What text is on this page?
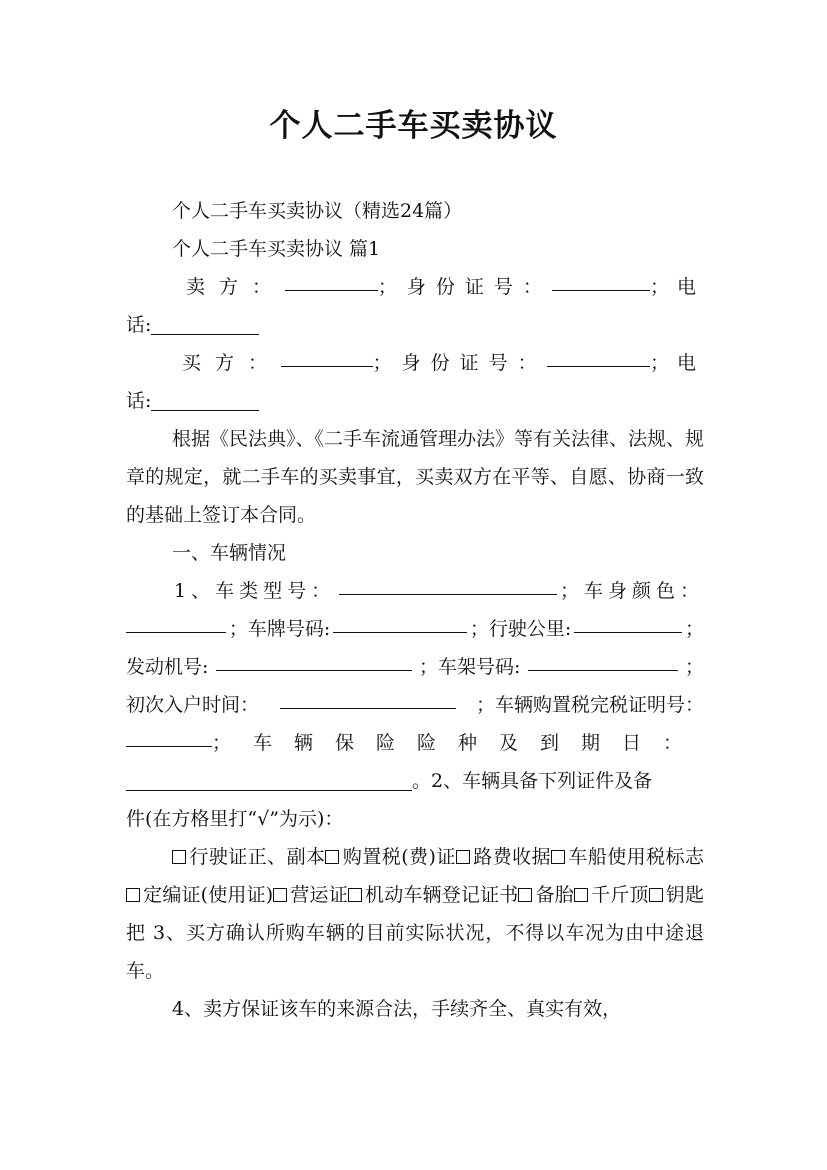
个人二手车买卖协议

个人二手车买卖协议（精选24篇）

个人二手车买卖协议 篇1

卖方：	；身份证号：	；电
话:
买方：	；身份证号：	；电
话:

根据《民法典》、《二手车流通管理办法》等有关法律、法规、规章的规定，就二手车的买卖事宜，买卖双方在平等、自愿、协商一致的基础上签订本合同。

一、车辆情况

1、车类型号：	；车身颜色：
；车牌号码:	；行驶公里:	；
发动机号:	；车架号码:	；
初次入户时间：	；车辆购置税完税证明号：
；车辆保险险种及到期日：
。2、车辆具备下列证件及备
件(在方格里打“√”为示)：

行驶证正、副本 购置税(费)证 路费收据 车船使用税标志定编证(使用证) 营运证 机动车辆登记证书 备胎 千斤顶 钥匙把 3、买方确认所购车辆的目前实际状况，不得以车况为由中途退车。

4、卖方保证该车的来源合法，手续齐全、真实有效，
